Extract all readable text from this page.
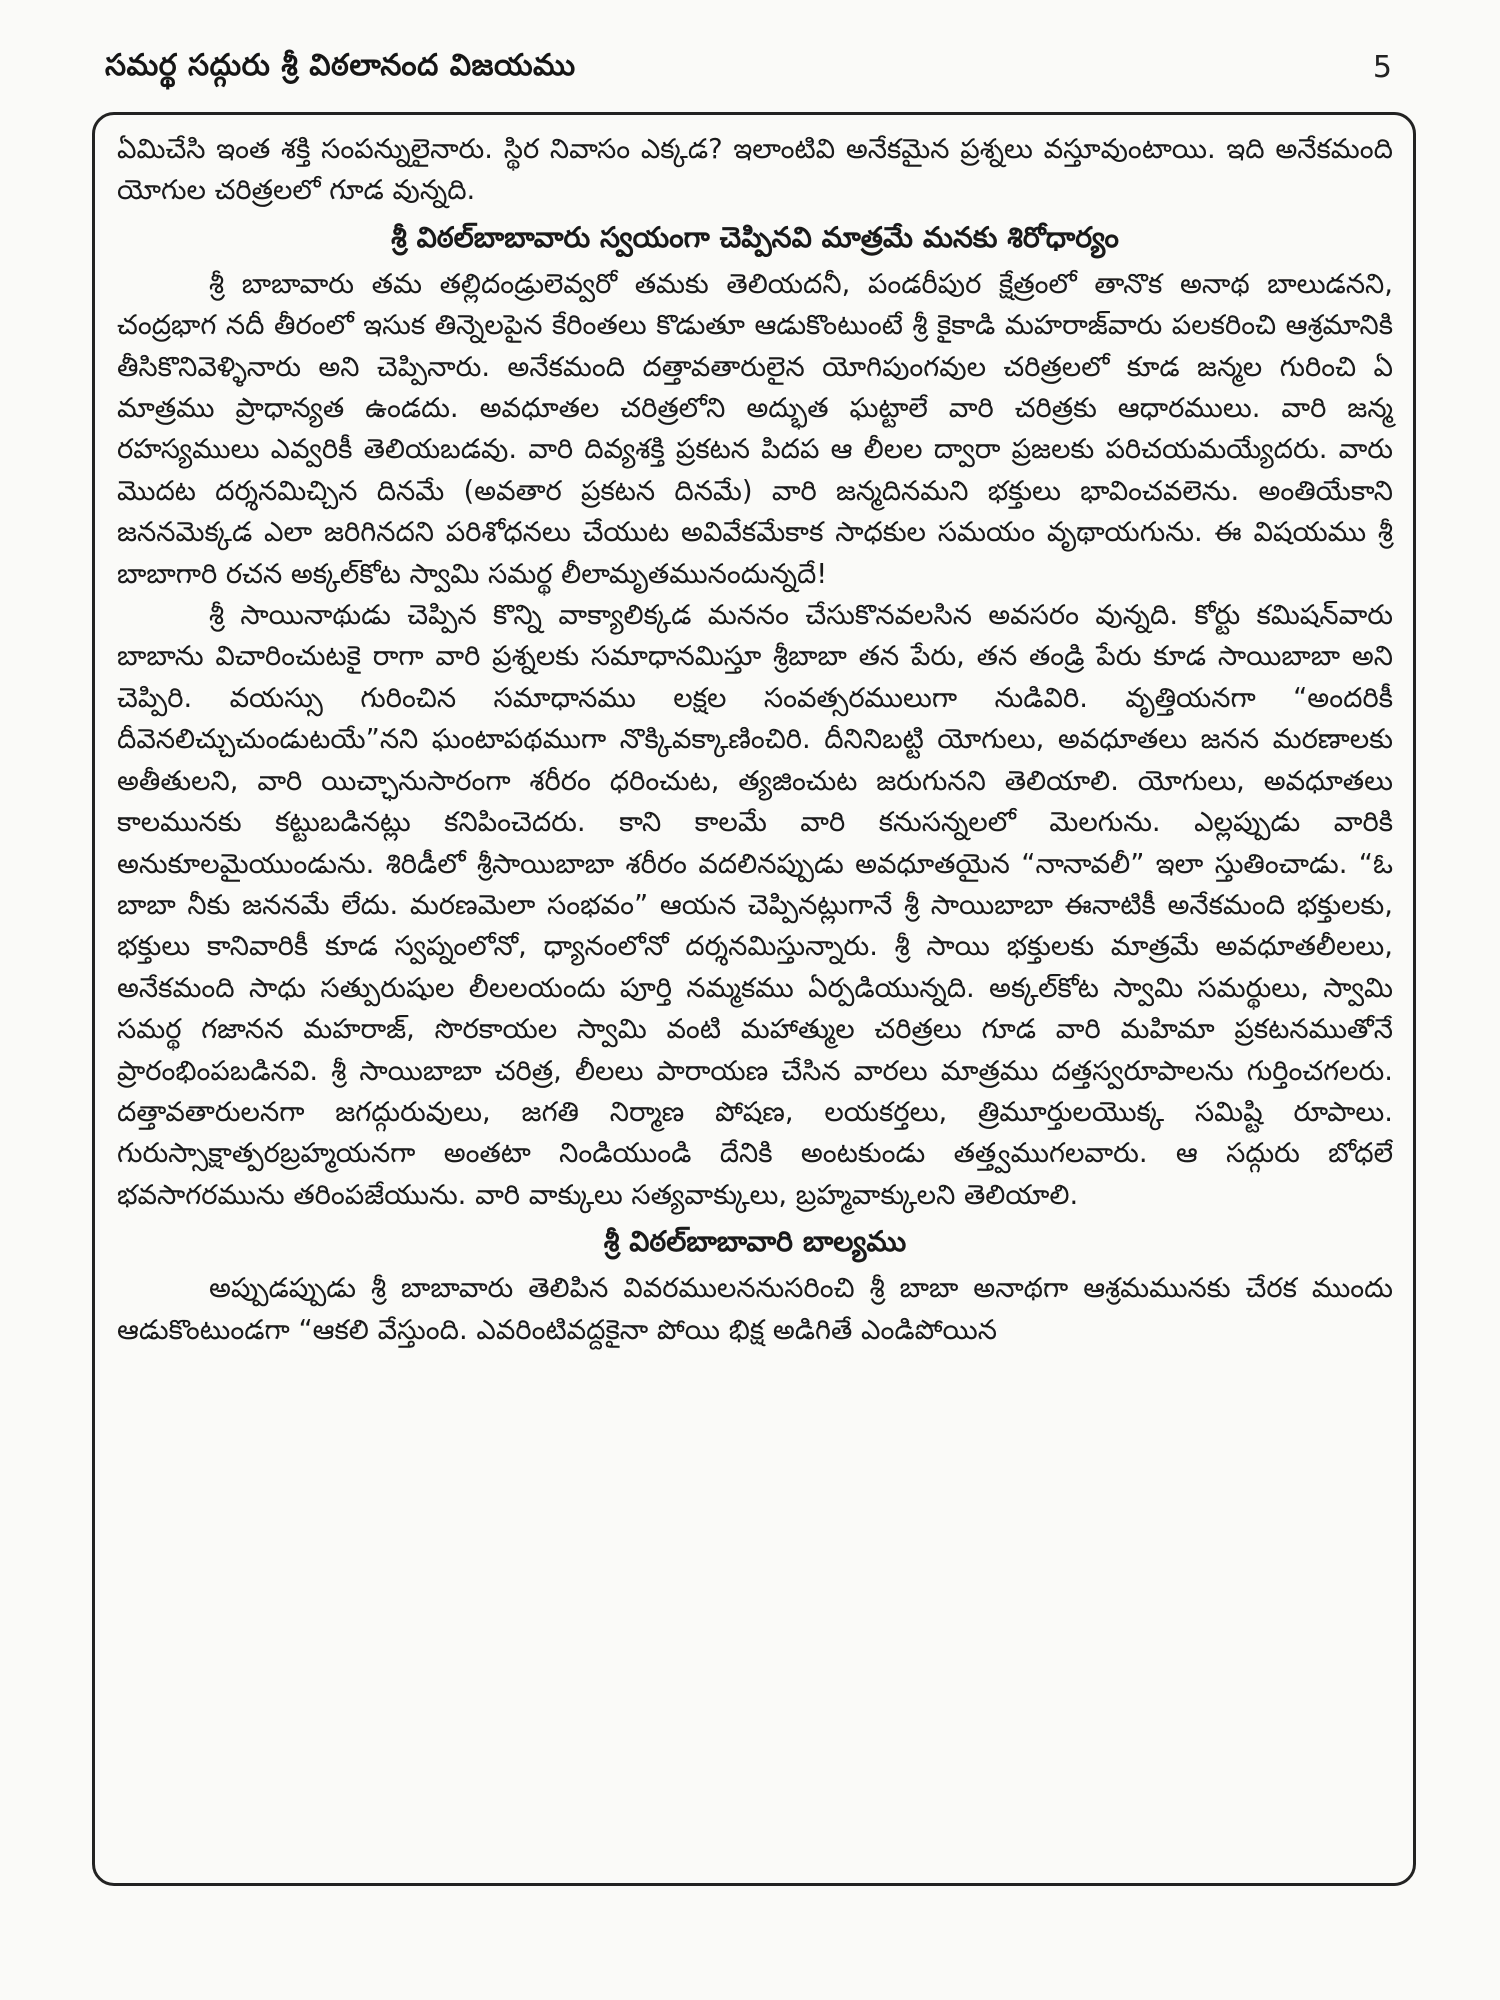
సమర్థ సద్గురు శ్రీ విఠలానంద విజయము	5

ఏమిచేసి ఇంత శక్తి సంపన్నులైనారు. స్థిర నివాసం ఎక్కడ? ఇలాంటివి అనేకమైన ప్రశ్నలు వస్తూవుంటాయి. ఇది అనేకమంది యోగుల చరిత్రలలో గూడ వున్నది.

శ్రీ విఠల్‌బాబావారు స్వయంగా చెప్పినవి మాత్రమే మనకు శిరోధార్యం

శ్రీ బాబావారు తమ తల్లిదండ్రులెవ్వరో తమకు తెలియదనీ, పండరీపుర క్షేత్రంలో తానొక అనాథ బాలుడనని, చంద్రభాగ నదీ తీరంలో ఇసుక తిన్నెలపైన కేరింతలు కొడుతూ ఆడుకొంటుంటే శ్రీ కైకాడి మహరాజ్‌వారు పలకరించి ఆశ్రమానికి తీసికొనివెళ్ళినారు అని చెప్పినారు. అనేకమంది దత్తావతారులైన యోగిపుంగవుల చరిత్రలలో కూడ జన్మల గురించి ఏ మాత్రము ప్రాధాన్యత ఉండదు. అవధూతల చరిత్రలోని అద్భుత ఘట్టాలే వారి చరిత్రకు ఆధారములు. వారి జన్మ రహస్యములు ఎవ్వరికీ తెలియబడవు. వారి దివ్యశక్తి ప్రకటన పిదప ఆ లీలల ద్వారా ప్రజలకు పరిచయమయ్యేదరు. వారు మొదట దర్శనమిచ్చిన దినమే (అవతార ప్రకటన దినమే) వారి జన్మదినమని భక్తులు భావించవలెను. అంతియేకాని జననమెక్కడ ఎలా జరిగినదని పరిశోధనలు చేయుట అవివేకమేకాక సాధకుల సమయం వృథాయగును. ఈ విషయము శ్రీ బాబాగారి రచన అక్కల్‌కోట స్వామి సమర్థ లీలామృతమునందున్నదే!

శ్రీ సాయినాథుడు చెప్పిన కొన్ని వాక్యాలిక్కడ మననం చేసుకొనవలసిన అవసరం వున్నది. కోర్టు కమిషన్‌వారు బాబాను విచారించుటకై రాగా వారి ప్రశ్నలకు సమాధానమిస్తూ శ్రీబాబా తన పేరు, తన తండ్రి పేరు కూడ సాయిబాబా అని చెప్పిరి. వయస్సు గురించిన సమాధానము లక్షల సంవత్సరములుగా నుడివిరి. వృత్తియనగా “అందరికీ దీవెనలిచ్చుచుండుటయే”నని ఘంటాపథముగా నొక్కివక్కాణించిరి. దీనినిబట్టి యోగులు, అవధూతలు జనన మరణాలకు అతీతులని, వారి యిచ్ఛానుసారంగా శరీరం ధరించుట, త్యజించుట జరుగునని తెలియాలి. యోగులు, అవధూతలు కాలమునకు కట్టుబడినట్లు కనిపించెదరు. కాని కాలమే వారి కనుసన్నలలో మెలగును. ఎల్లప్పుడు వారికి అనుకూలమైయుండును. శిరిడీలో శ్రీసాయిబాబా శరీరం వదలినప్పుడు అవధూతయైన “నానావలీ” ఇలా స్తుతించాడు. “ఓ బాబా నీకు జననమే లేదు. మరణమెలా సంభవం” ఆయన చెప్పినట్లుగానే శ్రీ సాయిబాబా ఈనాటికీ అనేకమంది భక్తులకు, భక్తులు కానివారికీ కూడ స్వప్నంలోనో, ధ్యానంలోనో దర్శనమిస్తున్నారు. శ్రీ సాయి భక్తులకు మాత్రమే అవధూతలీలలు, అనేకమంది సాధు సత్పురుషుల లీలలయందు పూర్తి నమ్మకము ఏర్పడియున్నది. అక్కల్‌కోట స్వామి సమర్థులు, స్వామి సమర్థ గజానన మహరాజ్, సొరకాయల స్వామి వంటి మహాత్ముల చరిత్రలు గూడ వారి మహిమా ప్రకటనముతోనే ప్రారంభింపబడినవి. శ్రీ సాయిబాబా చరిత్ర, లీలలు పారాయణ చేసిన వారలు మాత్రము దత్తస్వరూపాలను గుర్తించగలరు. దత్తావతారులనగా జగద్గురువులు, జగతి నిర్మాణ పోషణ, లయకర్తలు, త్రిమూర్తులయొక్క సమిష్టి రూపాలు. గురుస్సాక్షాత్పరబ్రహ్మయనగా అంతటా నిండియుండి దేనికి అంటకుండు తత్త్వముగలవారు. ఆ సద్గురు బోధలే భవసాగరమును తరింపజేయును. వారి వాక్కులు సత్యవాక్కులు, బ్రహ్మవాక్కులని తెలియాలి.

శ్రీ విఠల్‌బాబావారి బాల్యము

అప్పుడప్పుడు శ్రీ బాబావారు తెలిపిన వివరములననుసరించి శ్రీ బాబా అనాథగా ఆశ్రమమునకు చేరక ముందు ఆడుకొంటుండగా “ఆకలి వేస్తుంది. ఎవరింటివద్దకైనా పోయి భిక్ష అడిగితే ఎండిపోయిన
